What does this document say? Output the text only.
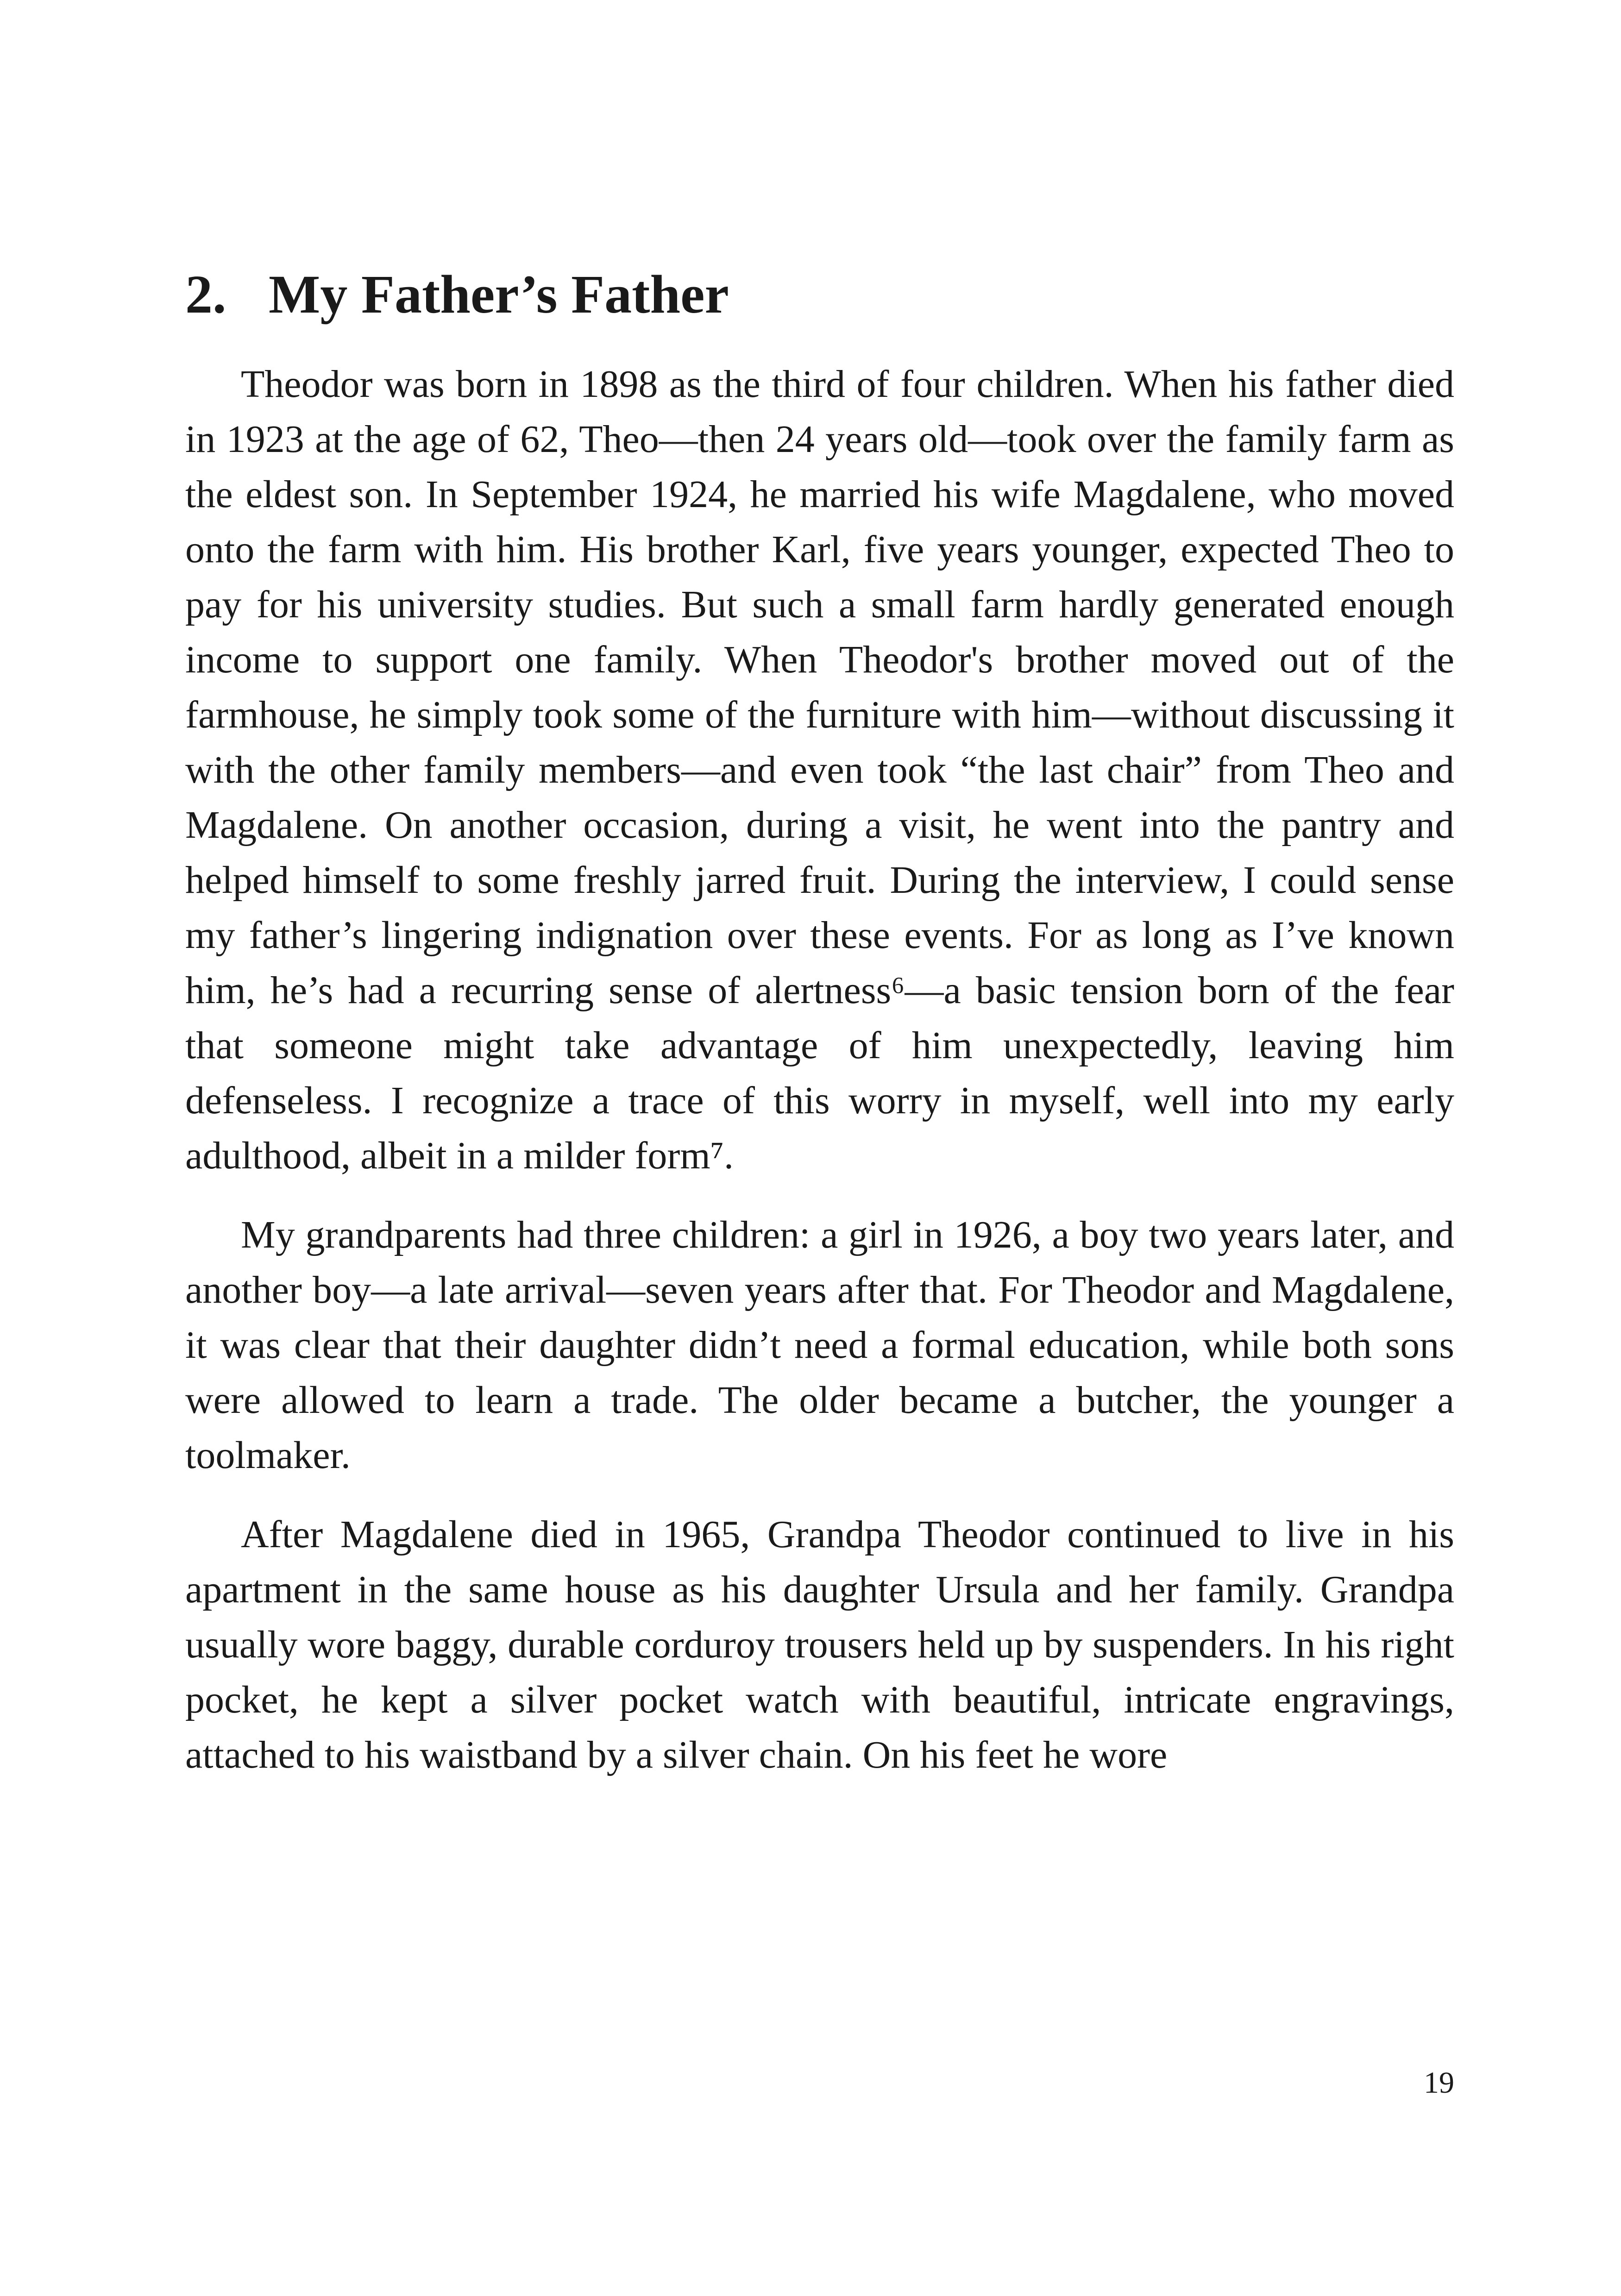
2. My Father’s Father

Theodor was born in 1898 as the third of four children. When his father died in 1923 at the age of 62, Theo—then 24 years old—took over the family farm as the eldest son. In September 1924, he married his wife Magdalene, who moved onto the farm with him. His brother Karl, five years younger, expected Theo to pay for his university studies. But such a small farm hardly generated enough income to support one family. When Theodor's brother moved out of the farmhouse, he simply took some of the furniture with him—without discussing it with the other family members—and even took “the last chair” from Theo and Magdalene. On another occasion, during a visit, he went into the pantry and helped himself to some freshly jarred fruit. During the interview, I could sense my father’s lingering indignation over these events. For as long as I’ve known him, he’s had a recurring sense of alertness⁶—a basic tension born of the fear that someone might take advantage of him unexpectedly, leaving him defenseless. I recognize a trace of this worry in myself, well into my early adulthood, albeit in a milder form⁷.

My grandparents had three children: a girl in 1926, a boy two years later, and another boy—a late arrival—seven years after that. For Theodor and Magdalene, it was clear that their daughter didn’t need a formal education, while both sons were allowed to learn a trade. The older became a butcher, the younger a toolmaker.

After Magdalene died in 1965, Grandpa Theodor continued to live in his apartment in the same house as his daughter Ursula and her family. Grandpa usually wore baggy, durable corduroy trousers held up by suspenders. In his right pocket, he kept a silver pocket watch with beautiful, intricate engravings, attached to his waistband by a silver chain. On his feet he wore

19
